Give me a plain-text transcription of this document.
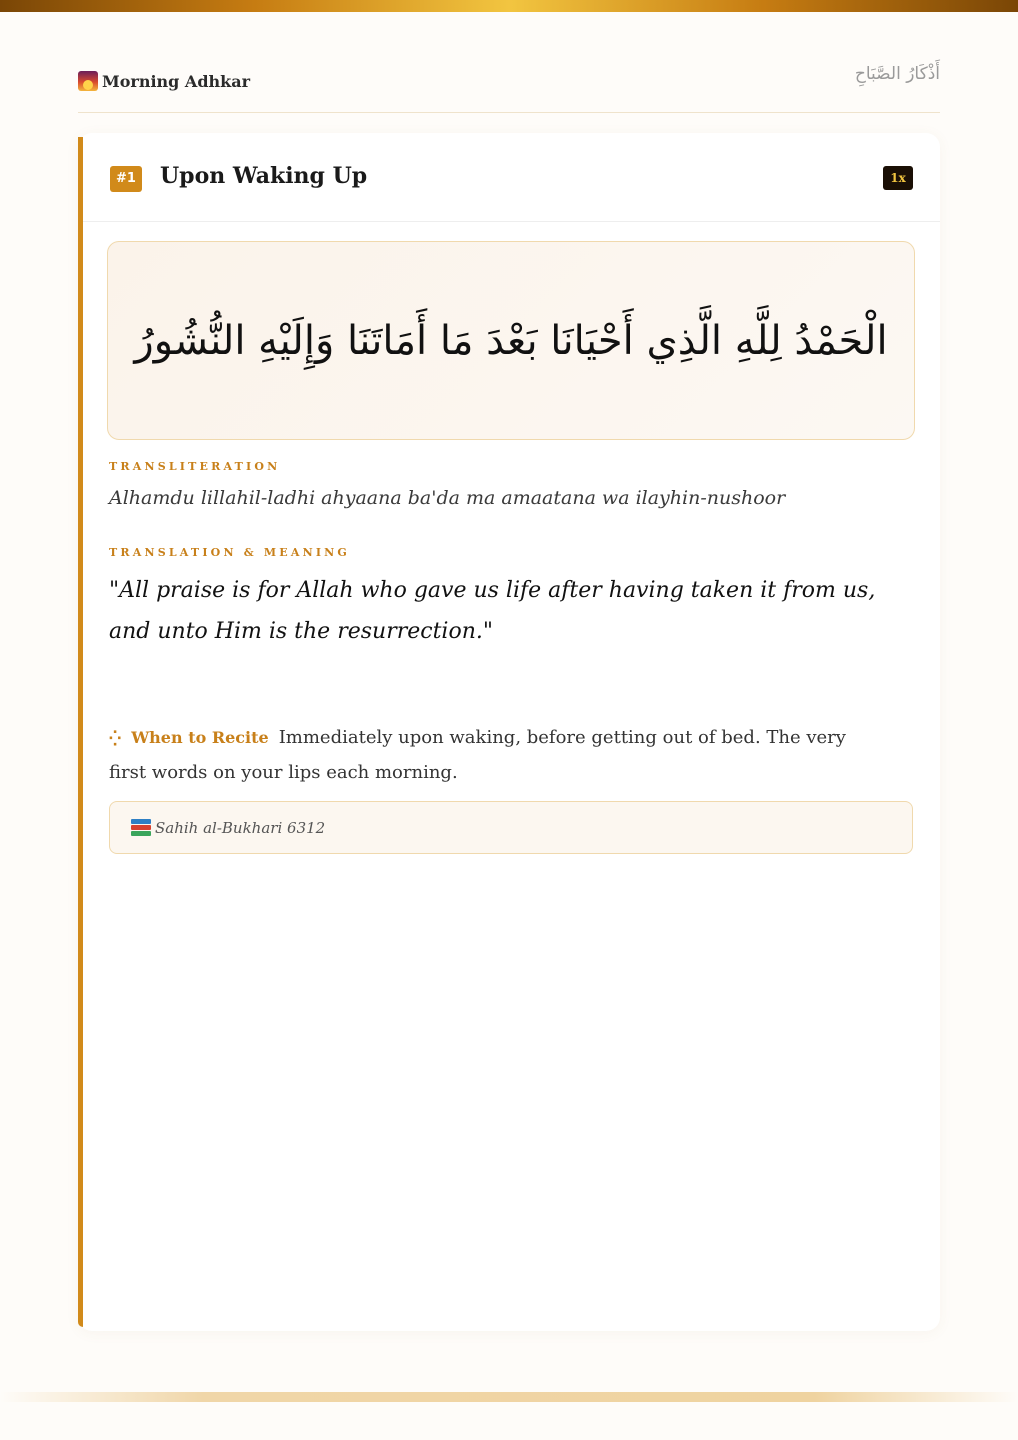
Morning Adhkar	أَذْكَارُ الصَّبَاحِ
#1 Upon Waking Up	1x
الْحَمْدُ لِلَّهِ الَّذِي أَحْيَانَا بَعْدَ مَا أَمَاتَنَا وَإِلَيْهِ النُّشُورُ
TRANSLITERATION
Alhamdu lillahil-ladhi ahyaana ba'da ma amaatana wa ilayhin-nushoor
TRANSLATION & MEANING
"All praise is for Allah who gave us life after having taken it from us, and unto Him is the resurrection."
⁛ When to Recite Immediately upon waking, before getting out of bed. The very first words on your lips each morning.
Sahih al-Bukhari 6312
